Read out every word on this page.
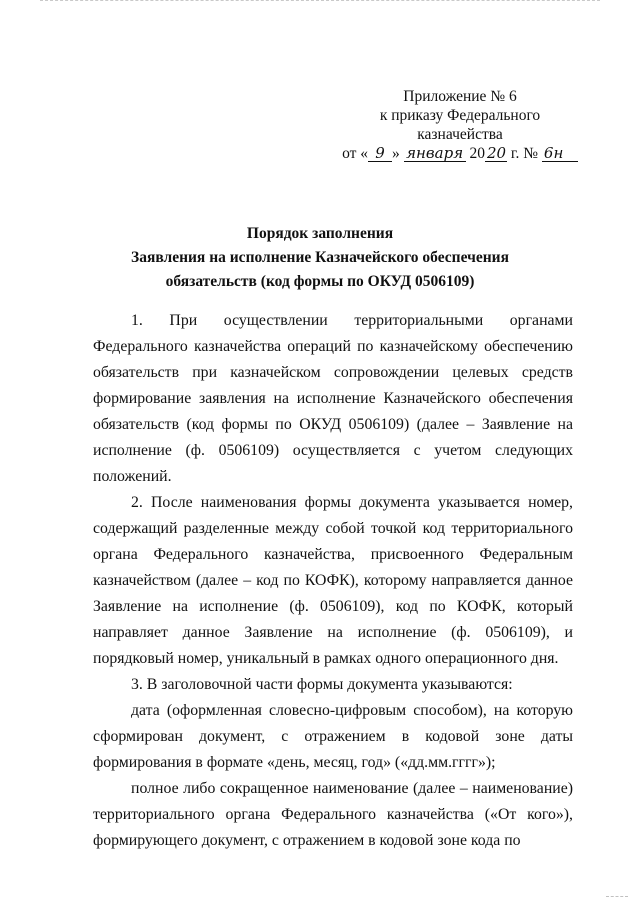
Приложение № 6
к приказу Федерального
казначейства
от « 9 » января 20 20 г. № 6н
Порядок заполнения
Заявления на исполнение Казначейского обеспечения
обязательств (код формы по ОКУД 0506109)

1. При осуществлении территориальными органами Федерального казначейства операций по казначейскому обеспечению обязательств при казначейском сопровождении целевых средств формирование заявления на исполнение Казначейского обеспечения обязательств (код формы по ОКУД 0506109) (далее – Заявление на исполнение (ф. 0506109) осуществляется с учетом следующих положений.

2. После наименования формы документа указывается номер, содержащий разделенные между собой точкой код территориального органа Федерального казначейства, присвоенного Федеральным казначейством (далее – код по КОФК), которому направляется данное Заявление на исполнение (ф. 0506109), код по КОФК, который направляет данное Заявление на исполнение (ф. 0506109), и порядковый номер, уникальный в рамках одного операционного дня.

3. В заголовочной части формы документа указываются:

дата (оформленная словесно-цифровым способом), на которую сформирован документ, с отражением в кодовой зоне даты формирования в формате «день, месяц, год» («дд.мм.гггг»);

полное либо сокращенное наименование (далее – наименование) территориального органа Федерального казначейства («От кого»), формирующего документ, с отражением в кодовой зоне кода по
